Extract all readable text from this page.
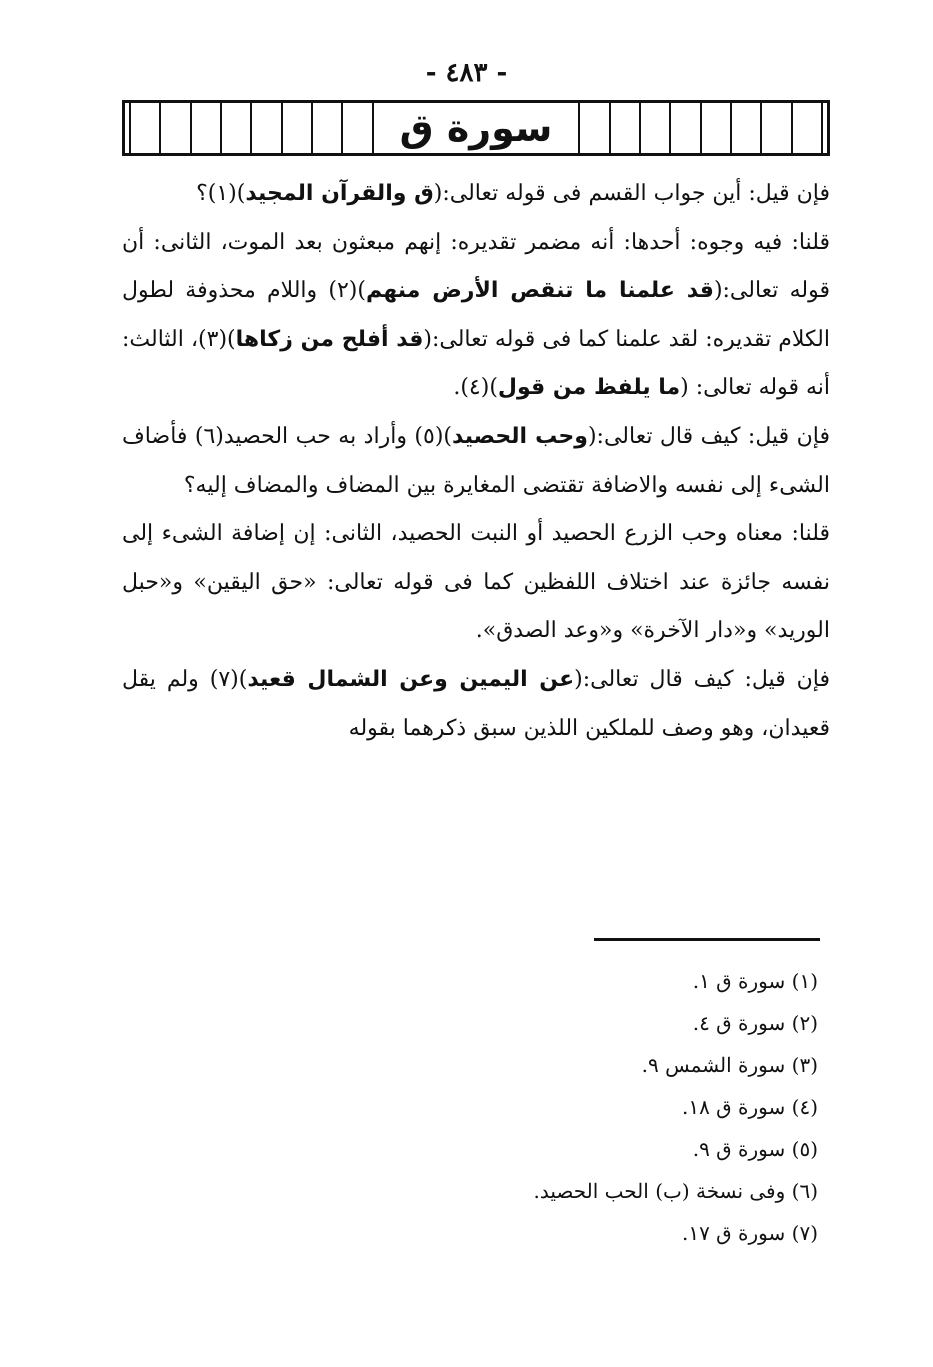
- ٤٨٣ -
سورة ق

فإن قيل: أين جواب القسم فى قوله تعالى:(ق والقرآن المجيد)(١)؟

قلنا: فيه وجوه: أحدها: أنه مضمر تقديره: إنهم مبعثون بعد الموت، الثانى: أن قوله تعالى:(قد علمنا ما تنقص الأرض منهم)(٢) واللام محذوفة لطول الكلام تقديره: لقد علمنا كما فى قوله تعالى:(قد أفلح من زكاها)(٣)، الثالث: أنه قوله تعالى: (ما يلفظ من قول)(٤).

فإن قيل: كيف قال تعالى:(وحب الحصيد)(٥) وأراد به حب الحصيد(٦) فأضاف الشىء إلى نفسه والاضافة تقتضى المغايرة بين المضاف والمضاف إليه؟

قلنا: معناه وحب الزرع الحصيد أو النبت الحصيد، الثانى: إن إضافة الشىء إلى نفسه جائزة عند اختلاف اللفظين كما فى قوله تعالى: «حق اليقين» و«حبل الوريد» و«دار الآخرة» و«وعد الصدق».

فإن قيل: كيف قال تعالى:(عن اليمين وعن الشمال قعيد)(٧) ولم يقل قعيدان، وهو وصف للملكين اللذين سبق ذكرهما بقوله

(١) سورة ق ١.
(٢) سورة ق ٤.
(٣) سورة الشمس ٩.
(٤) سورة ق ١٨.
(٥) سورة ق ٩.
(٦) وفى نسخة (ب) الحب الحصيد.
(٧) سورة ق ١٧.
